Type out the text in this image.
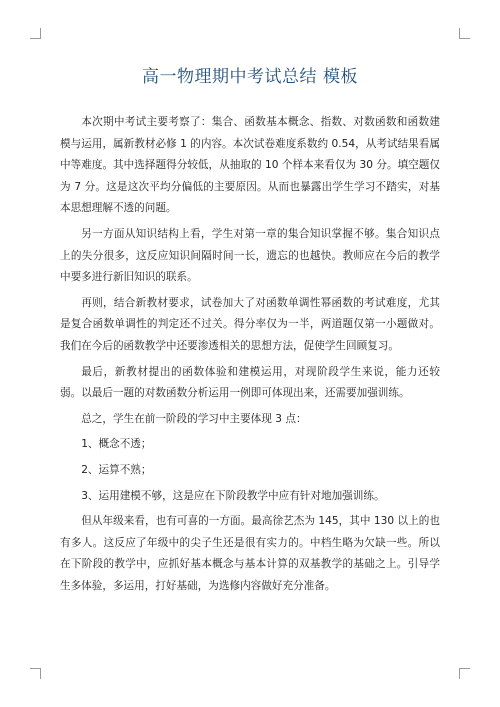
高一物理期中考试总结 模板

本次期中考试主要考察了：集合、函数基本概念、指数、对数函数和函数建模与运用，属新教材必修 1 的内容。本次试卷难度系数约 0.54，从考试结果看属中等难度。其中选择题得分较低，从抽取的 10 个样本来看仅为 30 分。填空题仅为 7 分。这是这次平均分偏低的主要原因。从而也暴露出学生学习不踏实，对基本思想理解不透的问题。

另一方面从知识结构上看，学生对第一章的集合知识掌握不够。集合知识点上的失分很多，这反应知识间隔时间一长，遗忘的也越快。教师应在今后的教学中要多进行新旧知识的联系。

再则，结合新教材要求，试卷加大了对函数单调性幂函数的考试难度，尤其是复合函数单调性的判定还不过关。得分率仅为一半，两道题仅第一小题做对。我们在今后的函数教学中还要渗透相关的思想方法，促使学生回顾复习。

最后，新教材提出的函数体验和建模运用，对现阶段学生来说，能力还较弱。以最后一题的对数函数分析运用一例即可体现出来，还需要加强训练。

总之，学生在前一阶段的学习中主要体现 3 点：

1、概念不透；

2、运算不熟；

3、运用建模不够，这是应在下阶段教学中应有针对地加强训练。

但从年级来看，也有可喜的一方面。最高徐艺杰为 145，其中 130 以上的也有多人。这反应了年级中的尖子生还是很有实力的。中档生略为欠缺一些。所以在下阶段的教学中，应抓好基本概念与基本计算的双基教学的基础之上。引导学生多体验，多运用，打好基础，为选修内容做好充分准备。
